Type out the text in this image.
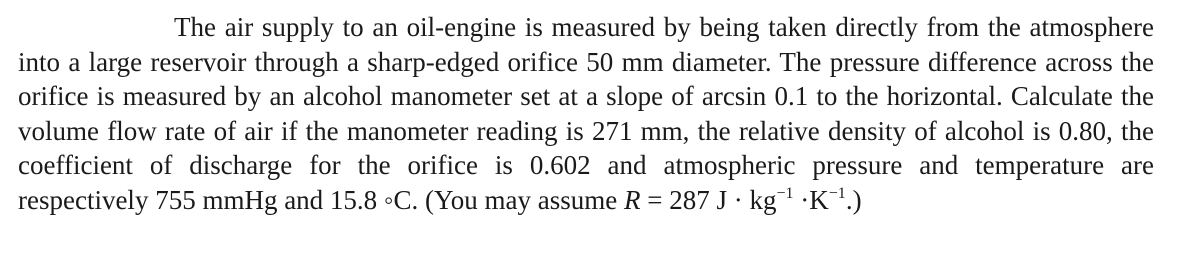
The air supply to an oil-engine is measured by being taken directly from the atmosphere into a large reservoir through a sharp-edged orifice 50 mm diameter. The pressure difference across the orifice is measured by an alcohol manometer set at a slope of arcsin 0.1 to the horizontal. Calculate the volume flow rate of air if the manometer reading is 271 mm, the relative density of alcohol is 0.80, the coefficient of discharge for the orifice is 0.602 and atmospheric pressure and temperature are respectively 755 mmHg and 15.8 ◦C. (You may assume R = 287 $J \cdot kg^{-1} \cdot K^{-1}$.)
